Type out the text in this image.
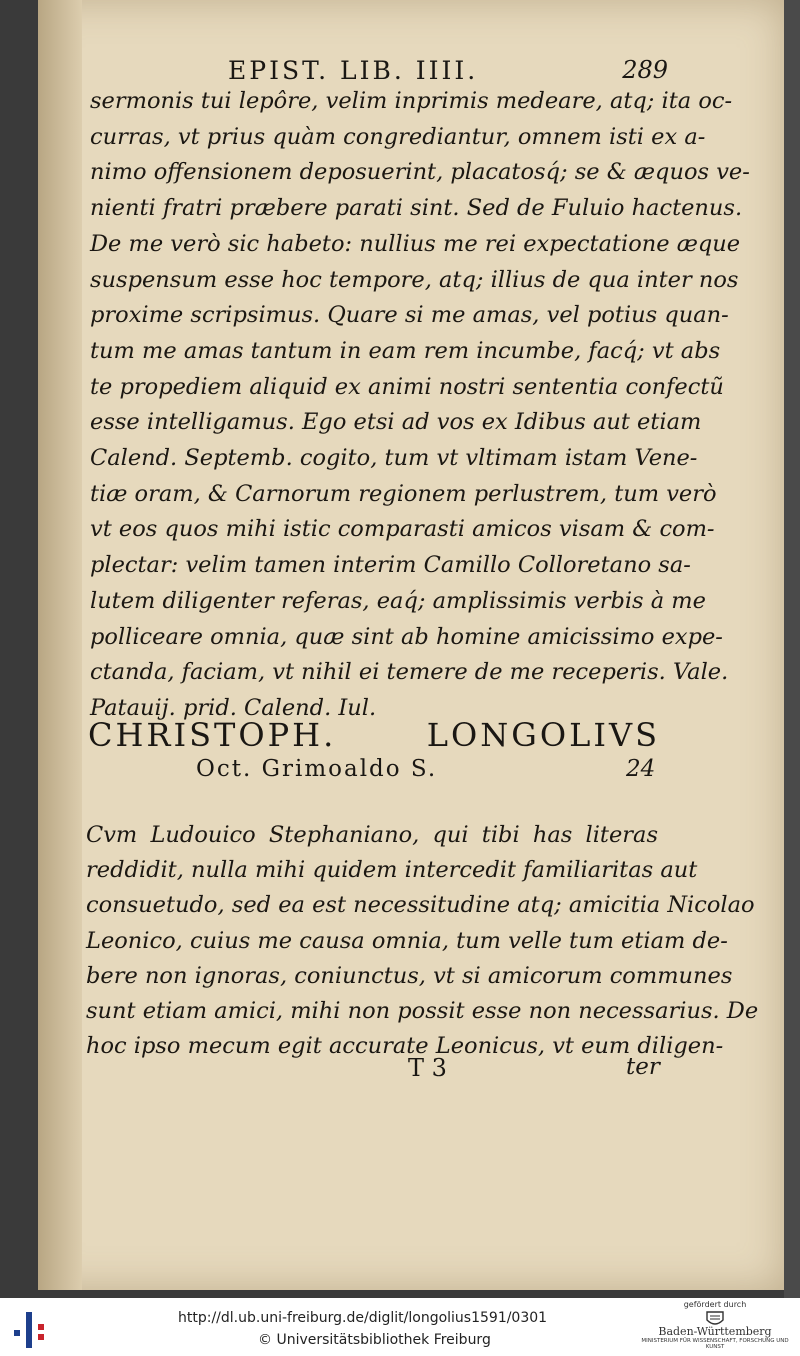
EPIST. LIB. IIII.	289
sermonis tui lepôre, velim inprimis medeare, atq; ita oc-
curras, vt prius quàm congrediantur, omnem isti ex a-
nimo offensionem deposuerint, placatosq́; se & æquos ve-
nienti fratri præbere parati sint. Sed de Fuluio hactenus.
De me verò sic habeto: nullius me rei expectatione æque
suspensum esse hoc tempore, atq; illius de qua inter nos
proxime scripsimus. Quare si me amas, vel potius quan-
tum me amas tantum in eam rem incumbe, facq́; vt abs
te propediem aliquid ex animi nostri sententia confectũ
esse intelligamus. Ego etsi ad vos ex Idibus aut etiam
Calend. Septemb. cogito, tum vt vltimam istam Vene-
tiæ oram, & Carnorum regionem perlustrem, tum verò
vt eos quos mihi istic comparasti amicos visam & com-
plectar: velim tamen interim Camillo Colloretano sa-
lutem diligenter referas, eaq́; amplissimis verbis à me
polliceare omnia, quæ sint ab homine amicissimo expe-
ctanda, faciam, vt nihil ei temere de me receperis. Vale.
Patauij. prid. Calend. Iul.
CHRISTOPH. LONGOLIVS
Oct. Grimoaldo S.	24
Cvm Ludouico Stephaniano, qui tibi has literas
reddidit, nulla mihi quidem intercedit familiaritas aut
consuetudo, sed ea est necessitudine atq; amicitia Nicolao
Leonico, cuius me causa omnia, tum velle tum etiam de-
bere non ignoras, coniunctus, vt si amicorum communes
sunt etiam amici, mihi non possit esse non necessarius. De
hoc ipso mecum egit accurate Leonicus, vt eum diligen-
T 3	ter
http://dl.ub.uni-freiburg.de/diglit/longolius1591/0301
© Universitätsbibliothek Freiburg
gefördert durch
Baden-Württemberg
MINISTERIUM FÜR WISSENSCHAFT, FORSCHUNG UND KUNST
